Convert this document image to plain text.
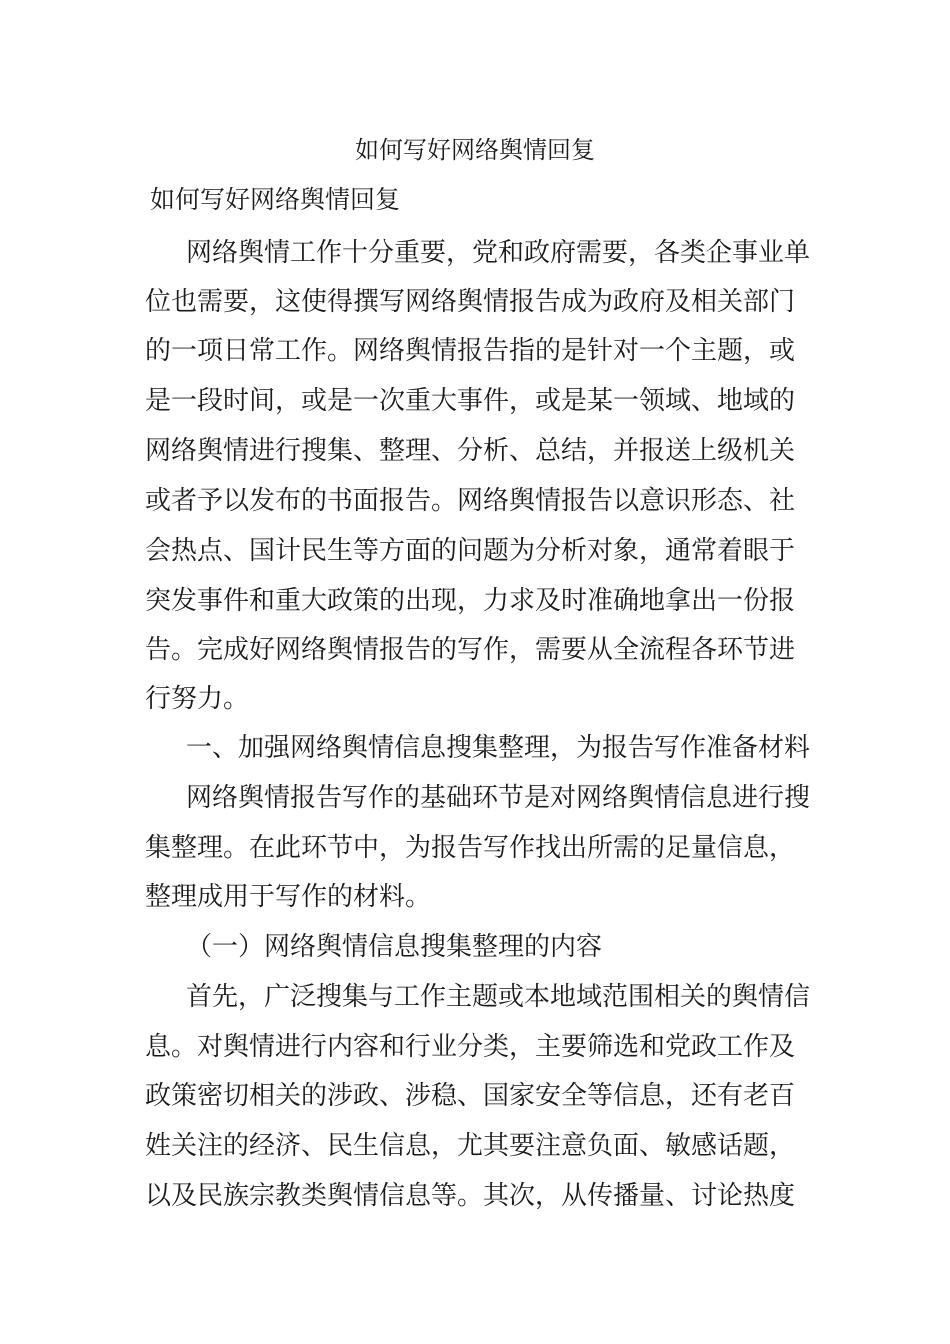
如何写好网络舆情回复

如何写好网络舆情回复

网络舆情工作十分重要，党和政府需要，各类企事业单

位也需要，这使得撰写网络舆情报告成为政府及相关部门

的一项日常工作。网络舆情报告指的是针对一个主题，或

是一段时间，或是一次重大事件，或是某一领域、地域的

网络舆情进行搜集、整理、分析、总结，并报送上级机关

或者予以发布的书面报告。网络舆情报告以意识形态、社

会热点、国计民生等方面的问题为分析对象，通常着眼于

突发事件和重大政策的出现，力求及时准确地拿出一份报

告。完成好网络舆情报告的写作，需要从全流程各环节进

行努力。

一、加强网络舆情信息搜集整理，为报告写作准备材料

网络舆情报告写作的基础环节是对网络舆情信息进行搜

集整理。在此环节中，为报告写作找出所需的足量信息，

整理成用于写作的材料。

（一）网络舆情信息搜集整理的内容

首先，广泛搜集与工作主题或本地域范围相关的舆情信

息。对舆情进行内容和行业分类，主要筛选和党政工作及

政策密切相关的涉政、涉稳、国家安全等信息，还有老百

姓关注的经济、民生信息，尤其要注意负面、敏感话题，

以及民族宗教类舆情信息等。其次，从传播量、讨论热度
